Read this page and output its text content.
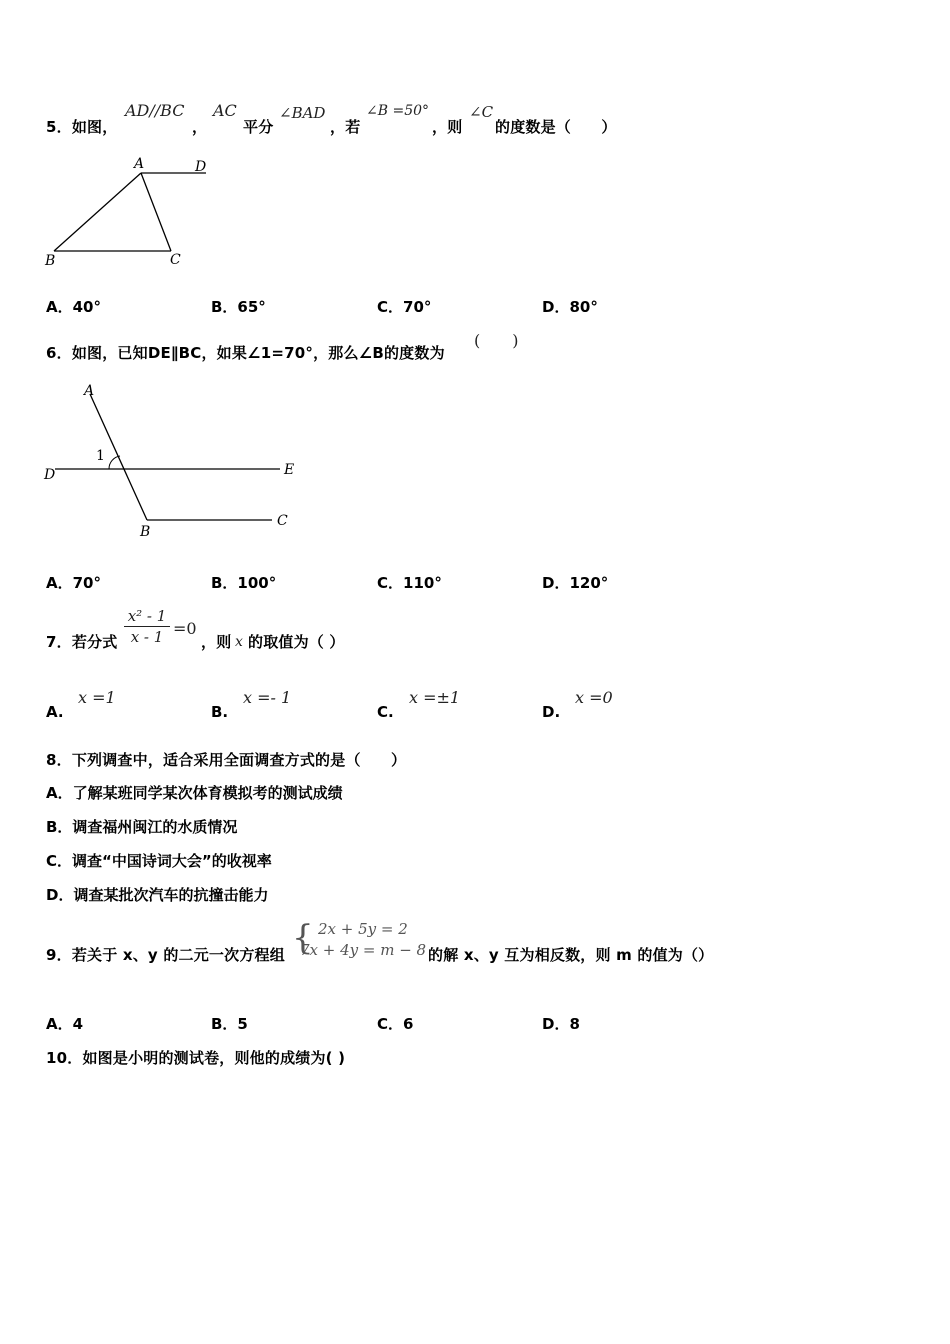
5．如图，
AD//BC
，
AC
平分
∠BAD
，若
∠B =50°
，则
∠C
的度数是（　　）
A	D
B	C
A．40°	B．65°	C．70°	D．80°
6．如图，已知DE∥BC，如果∠1=70°，那么∠B的度数为
(　　)
A
1
D	E
B
C
A．70°	B．100°	C．110°	D．120°
7．若分式
x² - 1
x - 1 =0
，则 x 的取值为（ ）
A.
x =1
B.
x =- 1
C.
x =±1
D.
x =0
8．下列调查中，适合采用全面调查方式的是（　　）
A．了解某班同学某次体育模拟考的测试成绩
B．调查福州闽江的水质情况
C．调查“中国诗词大会”的收视率
D．调查某批次汽车的抗撞击能力
9．若关于 x、y 的二元一次方程组 { 2x + 5y = 2
7x + 4y = m − 8 的解 x、y 互为相反数，则 m 的值为（）
A．4	B．5	C．6	D．8
10．如图是小明的测试卷，则他的成绩为( )
